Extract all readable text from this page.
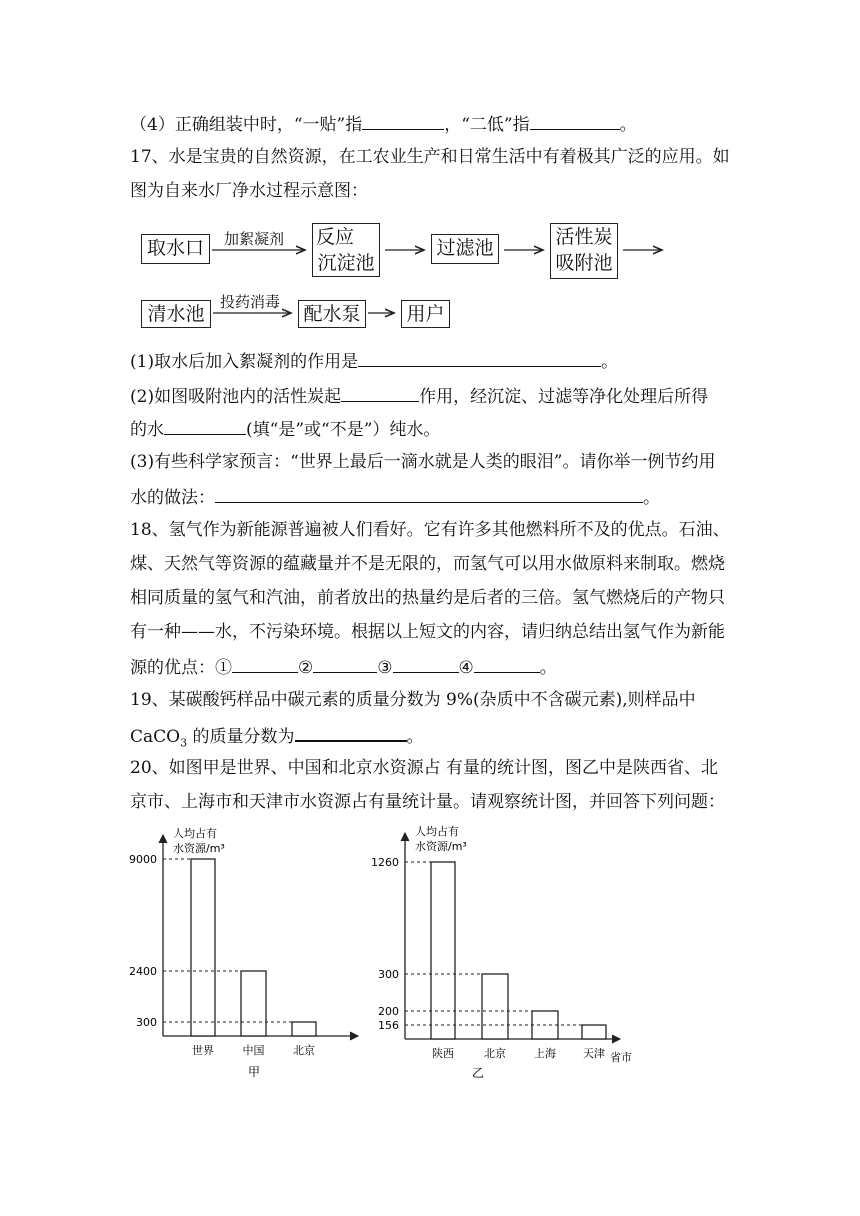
（4）正确组装中时，“一贴”指	，“二低”指	。
17、水是宝贵的自然资源，在工农业生产和日常生活中有着极其广泛的应用。如
图为自来水厂净水过程示意图：
取水口	加絮凝剂 反应
沉淀池
过滤池	活性炭
吸附池
清水池
投药消毒
配水泵 用户
(1)取水后加入絮凝剂的作用是	。
(2)如图吸附池内的活性炭起	作用，经沉淀、过滤等净化处理后所得
的水	(填“是”或“不是”）纯水。
(3)有些科学家预言：“世界上最后一滴水就是人类的眼泪”。请你举一例节约用
水的做法：	。
18、氢气作为新能源普遍被人们看好。它有许多其他燃料所不及的优点。石油、
煤、天然气等资源的蕴藏量并不是无限的，而氢气可以用水做原料来制取。燃烧
相同质量的氢气和汽油，前者放出的热量约是后者的三倍。氢气燃烧后的产物只
有一种——水，不污染环境。根据以上短文的内容，请归纳总结出氢气作为新能
源的优点：①	②	③	④	。
19、某碳酸钙样品中碳元素的质量分数为 9%(杂质中不含碳元素),则样品中
CaCO$_3$ 的质量分数为	。
20、如图甲是世界、中国和北京水资源占 有量的统计图，图乙中是陕西省、北
京市、上海市和天津市水资源占有量统计量。请观察统计图，并回答下列问题：
人均占有
水资源/m³
世界	中国	北京
9000
2400
300
甲
人均占有
水资源/m³
陕西	北京	上海 天津
1260
300
200
156
省市
乙
